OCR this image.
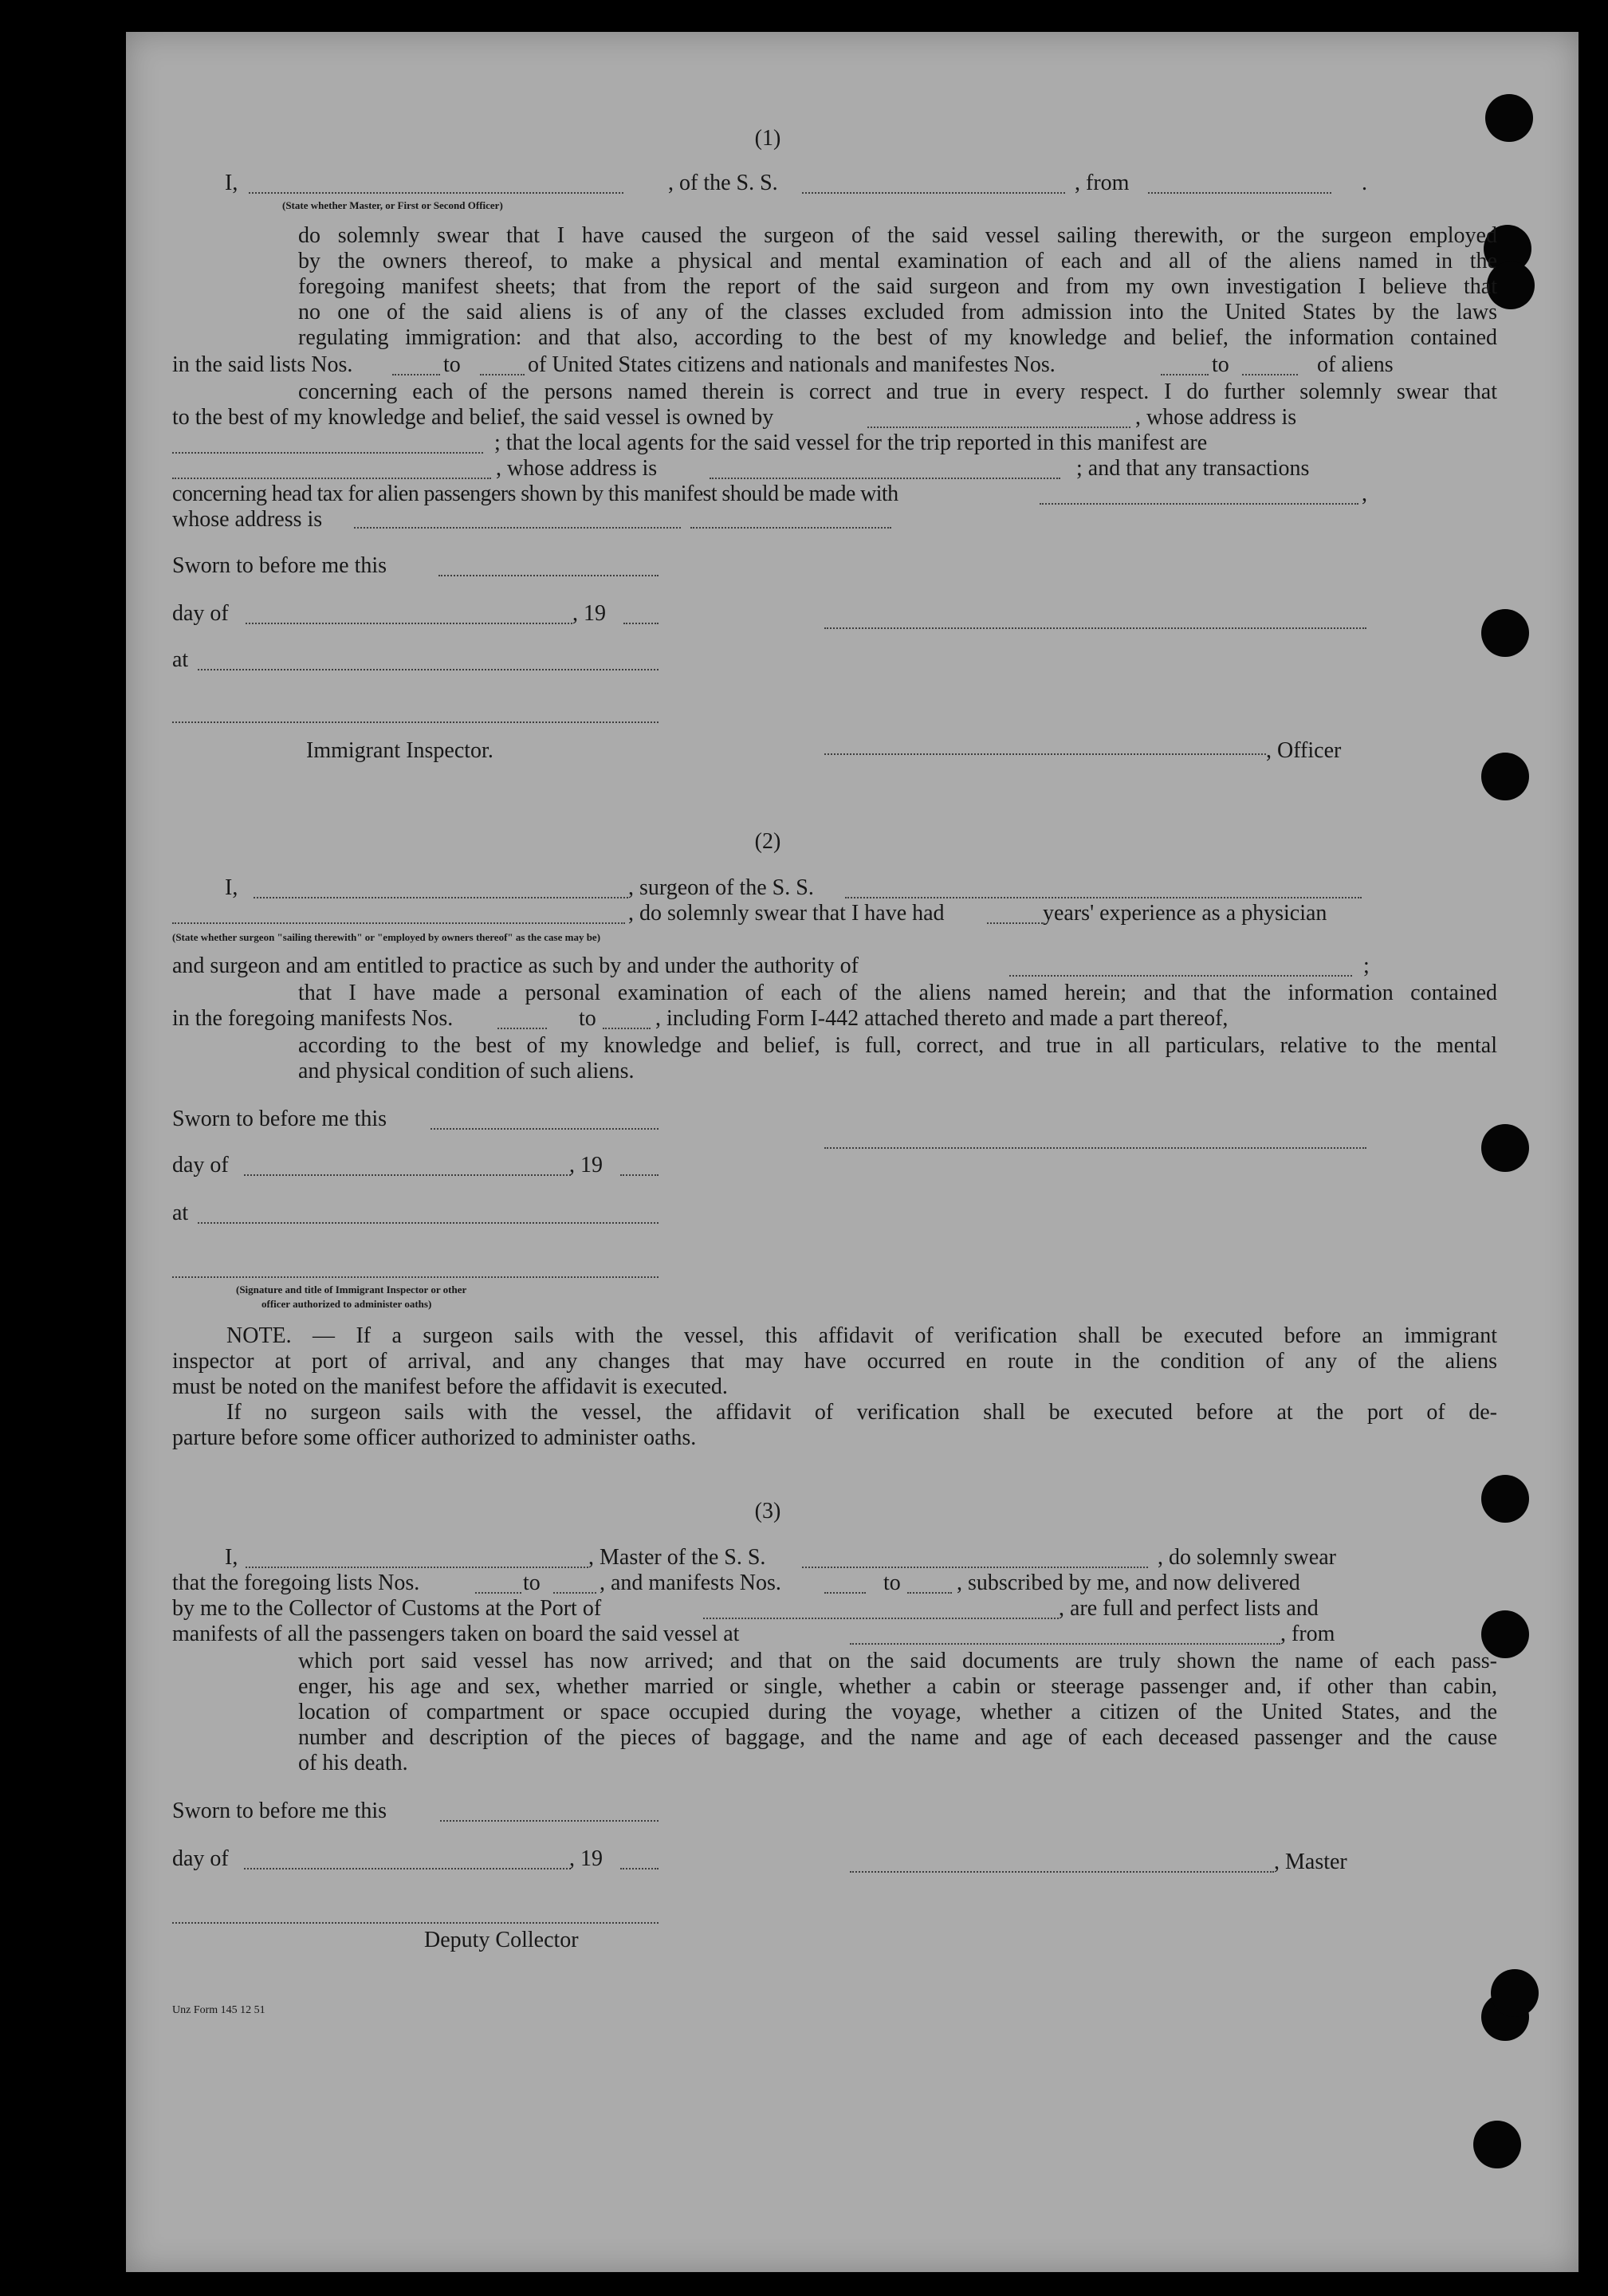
(1)
I,	, of the S. S.	, from	.
(State whether Master, or First or Second Officer)
do solemnly swear that I have caused the surgeon of the said vessel sailing therewith, or the surgeon employed
by the owners thereof, to make a physical and mental examination of each and all of the aliens named in the
foregoing manifest sheets; that from the report of the said surgeon and from my own investigation I believe that
no one of the said aliens is of any of the classes excluded from admission into the United States by the laws
regulating immigration: and that also, according to the best of my knowledge and belief, the information contained
in the said lists Nos.	to	of United States citizens and nationals and manifestes Nos.	to	of aliens
concerning each of the persons named therein is correct and true in every respect. I do further solemnly swear that
to the best of my knowledge and belief, the said vessel is owned by	, whose address is
; that the local agents for the said vessel for the trip reported in this manifest are
, whose address is	; and that any transactions
concerning head tax for alien passengers shown by this manifest should be made with	,
whose address is
Sworn to before me this
day of	, 19
at
Immigrant Inspector.	, Officer
(2)
I,	, surgeon of the S. S.
, do solemnly swear that I have had	years' experience as a physician
(State whether surgeon "sailing therewith" or "employed by owners thereof" as the case may be)
and surgeon and am entitled to practice as such by and under the authority of	;
that I have made a personal examination of each of the aliens named herein; and that the information contained
in the foregoing manifests Nos.	to	, including Form I-442 attached thereto and made a part thereof,
according to the best of my knowledge and belief, is full, correct, and true in all particulars, relative to the mental
and physical condition of such aliens.
Sworn to before me this
day of	, 19
at
(Signature and title of Immigrant Inspector or other
officer authorized to administer oaths)
NOTE. — If a surgeon sails with the vessel, this affidavit of verification shall be executed before an immigrant
inspector at port of arrival, and any changes that may have occurred en route in the condition of any of the aliens
must be noted on the manifest before the affidavit is executed.
If no surgeon sails with the vessel, the affidavit of verification shall be executed before at the port of de-
parture before some officer authorized to administer oaths.
(3)
I,	, Master of the S. S.	, do solemnly swear
that the foregoing lists Nos.	to	, and manifests Nos.	to	, subscribed by me, and now delivered
by me to the Collector of Customs at the Port of	, are full and perfect lists and
manifests of all the passengers taken on board the said vessel at	, from
which port said vessel has now arrived; and that on the said documents are truly shown the name of each pass-
enger, his age and sex, whether married or single, whether a cabin or steerage passenger and, if other than cabin,
location of compartment or space occupied during the voyage, whether a citizen of the United States, and the
number and description of the pieces of baggage, and the name and age of each deceased passenger and the cause
of his death.
Sworn to before me this
day of	, 19	, Master
Deputy Collector
Unz Form 145 12 51
